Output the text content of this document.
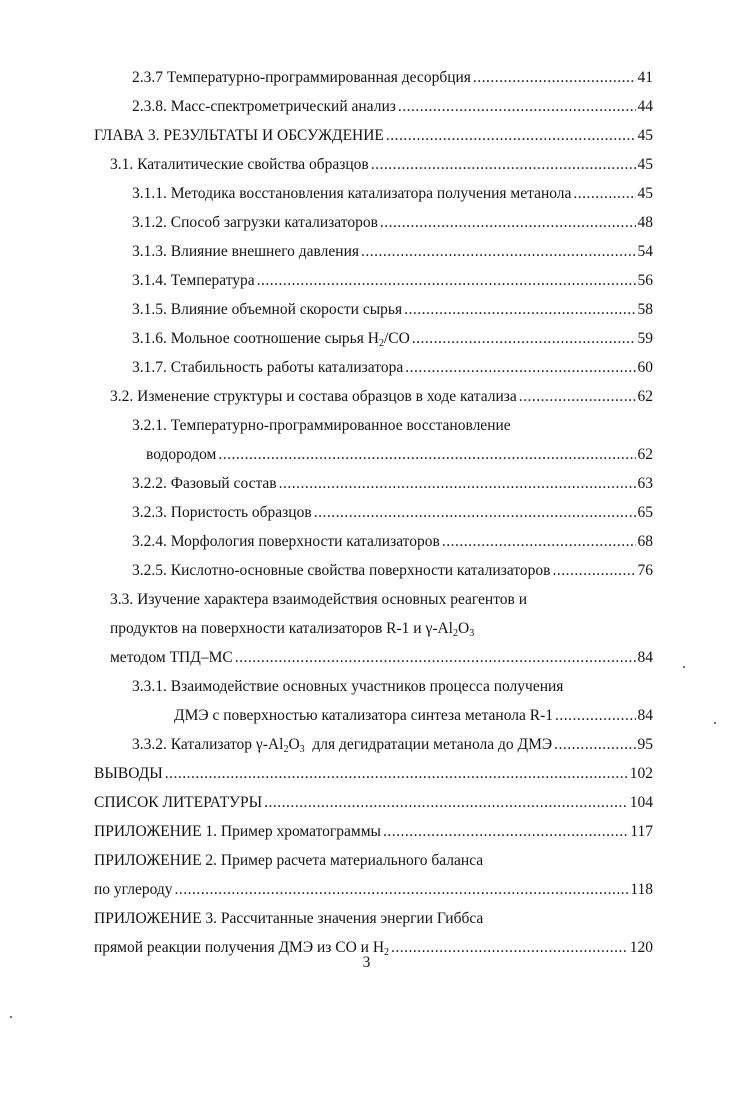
2.3.7 Температурно-программированная десорбция .....	41
2.3.8. Масс-спектрометрический анализ .....	44
ГЛАВА 3. РЕЗУЛЬТАТЫ И ОБСУЖДЕНИЕ .....	45
3.1. Каталитические свойства образцов .....	45
3.1.1. Методика восстановления катализатора получения метанола .....	45
3.1.2. Способ загрузки катализаторов .....	48
3.1.3. Влияние внешнего давления .....	54
3.1.4. Температура .....	56
3.1.5. Влияние объемной скорости сырья .....	58
3.1.6. Мольное соотношение сырья $H_2/CO$ .....	59
3.1.7. Стабильность работы катализатора .....	60
3.2. Изменение структуры и состава образцов в ходе катализа .....	62
3.2.1. Температурно-программированное восстановление
водородом .....	62
3.2.2. Фазовый состав .....	63
3.2.3. Пористость образцов .....	65
3.2.4. Морфология поверхности катализаторов .....	68
3.2.5. Кислотно-основные свойства поверхности катализаторов .....	76
3.3. Изучение характера взаимодействия основных реагентов и
продуктов на поверхности катализаторов R-1 и $\gamma-Al_2O_3$
методом ТПД–МС .....	84
3.3.1. Взаимодействие основных участников процесса получения
ДМЭ с поверхностью катализатора синтеза метанола R-1 .....	84
3.3.2. Катализатор $\gamma-Al_2O_3$  для дегидратации метанола до ДМЭ .....	95
ВЫВОДЫ .....	102
СПИСОК ЛИТЕРАТУРЫ .....	104
ПРИЛОЖЕНИЕ 1. Пример хроматограммы .....	117
ПРИЛОЖЕНИЕ 2. Пример расчета материального баланса
по углероду .....	118
ПРИЛОЖЕНИЕ 3. Рассчитанные значения энергии Гиббса
прямой реакции получения ДМЭ из CO и $H_2$ .....	120
3
